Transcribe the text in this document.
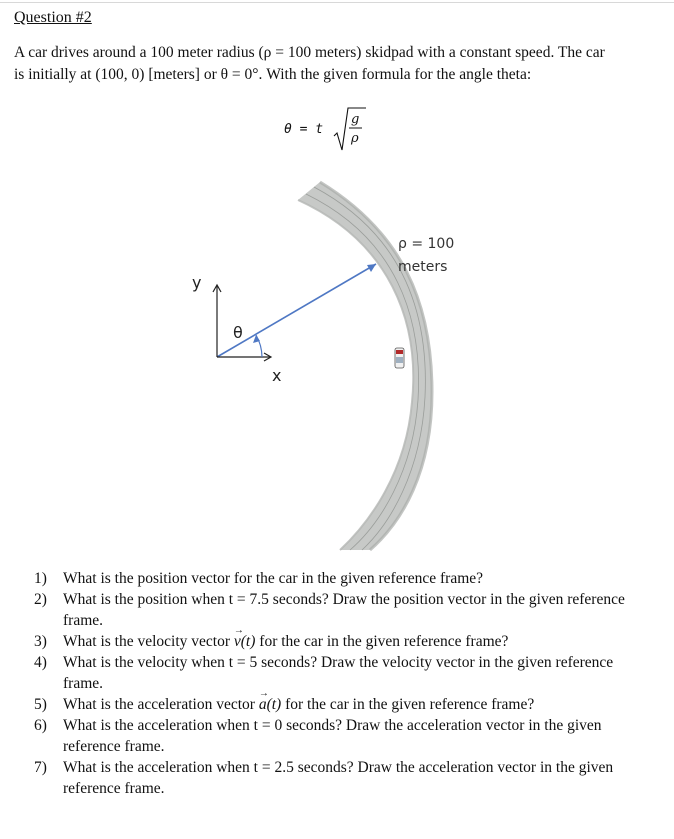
Question #2
A car drives around a 100 meter radius (ρ = 100 meters) skidpad with a constant speed. The car
is initially at (100, 0) [meters] or θ = 0°. With the given formula for the angle theta:
θ = t
g
ρ
ρ = 100
meters
y
x
θ
1) What is the position vector for the car in the given reference frame?
2) What is the position when t = 7.5 seconds? Draw the position vector in the given reference frame.
3) What is the velocity vector → v(t) for the car in the given reference frame?
4) What is the velocity when t = 5 seconds? Draw the velocity vector in the given reference frame.
5) What is the acceleration vector → a(t) for the car in the given reference frame?
6) What is the acceleration when t = 0 seconds? Draw the acceleration vector in the given reference frame.
7) What is the acceleration when t = 2.5 seconds? Draw the acceleration vector in the given reference frame.
